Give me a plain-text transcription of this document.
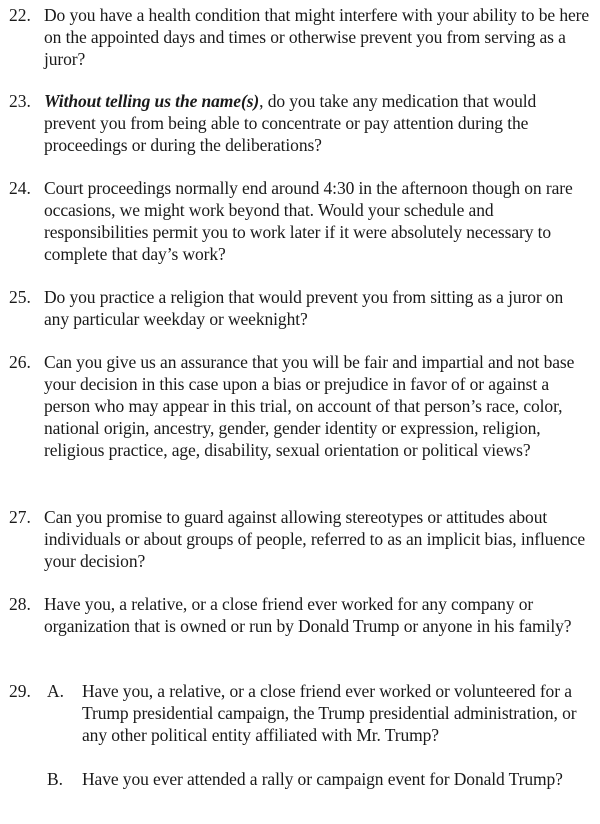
22. Do you have a health condition that might interfere with your ability to be here on the appointed days and times or otherwise prevent you from serving as a juror?
23. Without telling us the name(s), do you take any medication that would prevent you from being able to concentrate or pay attention during the proceedings or during the deliberations?
24. Court proceedings normally end around 4:30 in the afternoon though on rare occasions, we might work beyond that. Would your schedule and responsibilities permit you to work later if it were absolutely necessary to complete that day’s work?
25. Do you practice a religion that would prevent you from sitting as a juror on any particular weekday or weeknight?
26. Can you give us an assurance that you will be fair and impartial and not base your decision in this case upon a bias or prejudice in favor of or against a person who may appear in this trial, on account of that person’s race, color, national origin, ancestry, gender, gender identity or expression, religion, religious practice, age, disability, sexual orientation or political views?
27. Can you promise to guard against allowing stereotypes or attitudes about individuals or about groups of people, referred to as an implicit bias, influence your decision?
28. Have you, a relative, or a close friend ever worked for any company or organization that is owned or run by Donald Trump or anyone in his family?
29. A.	Have you, a relative, or a close friend ever worked or volunteered for a Trump presidential campaign, the Trump presidential administration, or any other political entity affiliated with Mr. Trump?
B.	Have you ever attended a rally or campaign event for Donald Trump?
